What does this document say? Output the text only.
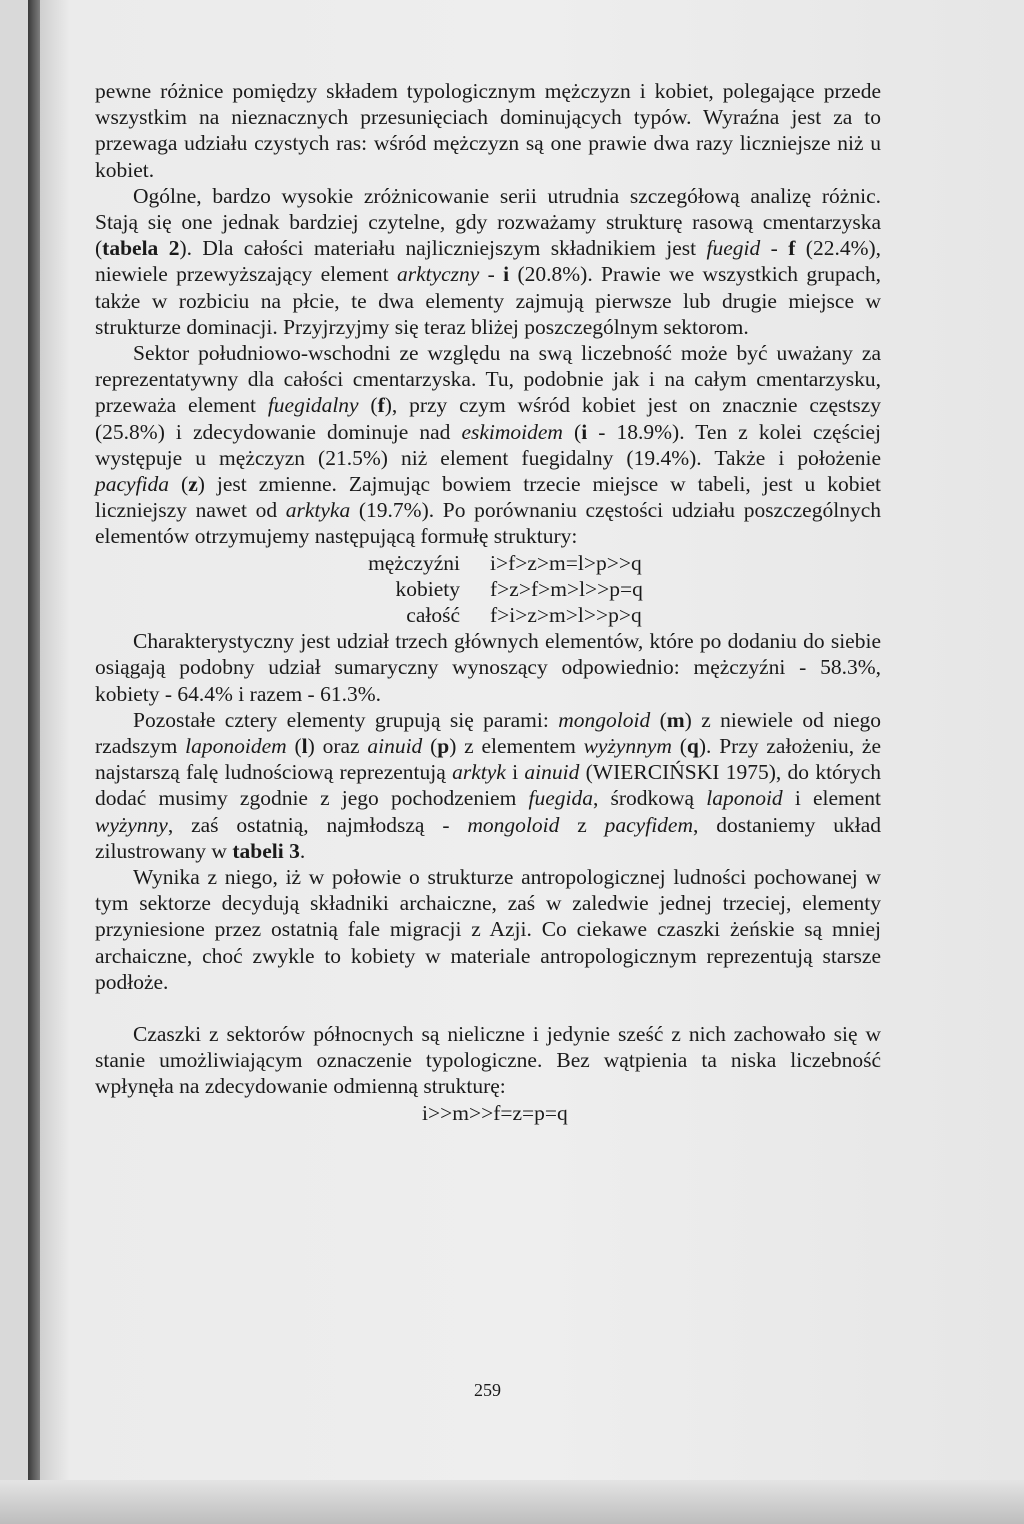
pewne różnice pomiędzy składem typologicznym mężczyzn i kobiet, polegające przede wszystkim na nieznacznych przesunięciach dominujących typów. Wyraźna jest za to przewaga udziału czystych ras: wśród mężczyzn są one prawie dwa razy liczniejsze niż u kobiet.

Ogólne, bardzo wysokie zróżnicowanie serii utrudnia szczegółową analizę różnic. Stają się one jednak bardziej czytelne, gdy rozważamy strukturę rasową cmentarzyska (tabela 2). Dla całości materiału najliczniejszym składnikiem jest fuegid - f (22.4%), niewiele przewyższający element arktyczny - i (20.8%). Prawie we wszystkich grupach, także w rozbiciu na płcie, te dwa elementy zajmują pierwsze lub drugie miejsce w strukturze dominacji. Przyjrzyjmy się teraz bliżej poszczególnym sektorom.

Sektor południowo-wschodni ze względu na swą liczebność może być uważany za reprezentatywny dla całości cmentarzyska. Tu, podobnie jak i na całym cmentarzysku, przeważa element fuegidalny (f), przy czym wśród kobiet jest on znacznie częstszy (25.8%) i zdecydowanie dominuje nad eskimoidem (i - 18.9%). Ten z kolei częściej występuje u mężczyzn (21.5%) niż element fuegidalny (19.4%). Także i położenie pacyfida (z) jest zmienne. Zajmując bowiem trzecie miejsce w tabeli, jest u kobiet liczniejszy nawet od arktyka (19.7%). Po porównaniu częstości udziału poszczególnych elementów otrzymujemy następującą formułę struktury:

mężczyźni i>f>z>m=l>p>>q
kobiety f>z>f>m>l>>p=q
całość f>i>z>m>l>>p>q

Charakterystyczny jest udział trzech głównych elementów, które po dodaniu do siebie osiągają podobny udział sumaryczny wynoszący odpowiednio: mężczyźni - 58.3%, kobiety - 64.4% i razem - 61.3%.

Pozostałe cztery elementy grupują się parami: mongoloid (m) z niewiele od niego rzadszym laponoidem (l) oraz ainuid (p) z elementem wyżynnym (q). Przy założeniu, że najstarszą falę ludnościową reprezentują arktyk i ainuid (WIERCIŃSKI 1975), do których dodać musimy zgodnie z jego pochodzeniem fuegida, środkową laponoid i element wyżynny, zaś ostatnią, najmłodszą - mongoloid z pacyfidem, dostaniemy układ zilustrowany w tabeli 3.

Wynika z niego, iż w połowie o strukturze antropologicznej ludności pochowanej w tym sektorze decydują składniki archaiczne, zaś w zaledwie jednej trzeciej, elementy przyniesione przez ostatnią fale migracji z Azji. Co ciekawe czaszki żeńskie są mniej archaiczne, choć zwykle to kobiety w materiale antropologicznym reprezentują starsze podłoże.

Czaszki z sektorów północnych są nieliczne i jedynie sześć z nich zachowało się w stanie umożliwiającym oznaczenie typologiczne. Bez wątpienia ta niska liczebność wpłynęła na zdecydowanie odmienną strukturę:

i>>m>>f=z=p=q
259
